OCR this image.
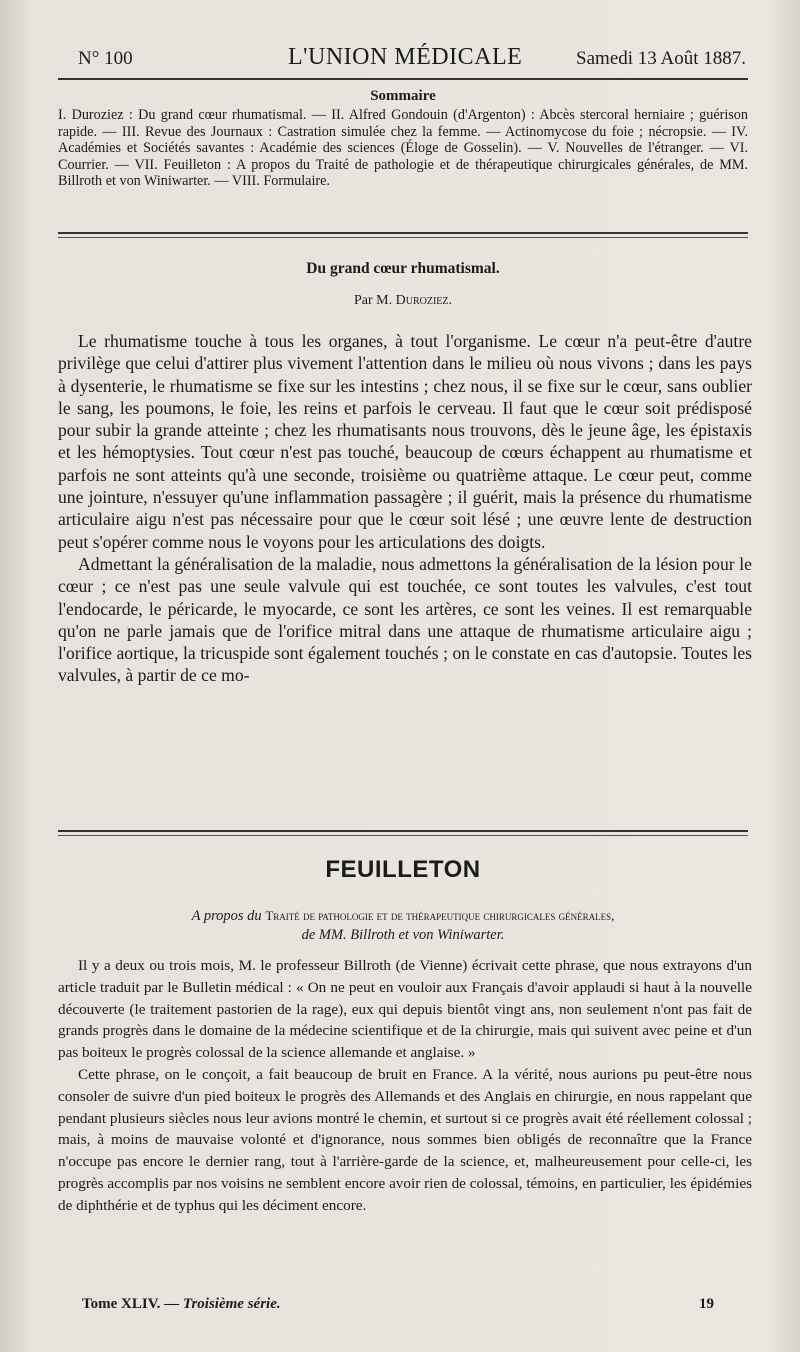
N° 100	L'UNION MÉDICALE	Samedi 13 Août 1887.
Sommaire

I. Duroziez : Du grand cœur rhumatismal. — II. Alfred Gondouin (d'Argenton) : Abcès stercoral herniaire ; guérison rapide. — III. Revue des Journaux : Castration simulée chez la femme. — Actinomycose du foie ; nécropsie. — IV. Académies et Sociétés savantes : Académie des sciences (Éloge de Gosselin). — V. Nouvelles de l'étranger. — VI. Courrier. — VII. Feuilleton : A propos du Traité de pathologie et de thérapeutique chirurgicales générales, de MM. Billroth et von Winiwarter. — VIII. Formulaire.

Du grand cœur rhumatismal.
Par M. Duroziez.

Le rhumatisme touche à tous les organes, à tout l'organisme. Le cœur n'a peut-être d'autre privilège que celui d'attirer plus vivement l'attention dans le milieu où nous vivons ; dans les pays à dysenterie, le rhumatisme se fixe sur les intestins ; chez nous, il se fixe sur le cœur, sans oublier le sang, les poumons, le foie, les reins et parfois le cerveau. Il faut que le cœur soit prédisposé pour subir la grande atteinte ; chez les rhumatisants nous trouvons, dès le jeune âge, les épistaxis et les hémoptysies. Tout cœur n'est pas touché, beaucoup de cœurs échappent au rhumatisme et parfois ne sont atteints qu'à une seconde, troisième ou quatrième attaque. Le cœur peut, comme une jointure, n'essuyer qu'une inflammation passagère ; il guérit, mais la présence du rhumatisme articulaire aigu n'est pas nécessaire pour que le cœur soit lésé ; une œuvre lente de destruction peut s'opérer comme nous le voyons pour les articulations des doigts.

Admettant la généralisation de la maladie, nous admettons la généralisation de la lésion pour le cœur ; ce n'est pas une seule valvule qui est touchée, ce sont toutes les valvules, c'est tout l'endocarde, le péricarde, le myocarde, ce sont les artères, ce sont les veines. Il est remarquable qu'on ne parle jamais que de l'orifice mitral dans une attaque de rhumatisme articulaire aigu ; l'orifice aortique, la tricuspide sont également touchés ; on le constate en cas d'autopsie. Toutes les valvules, à partir de ce mo-

FEUILLETON
A propos du Traité de pathologie et de thérapeutique chirurgicales générales,
de MM. Billroth et von Winiwarter.

Il y a deux ou trois mois, M. le professeur Billroth (de Vienne) écrivait cette phrase, que nous extrayons d'un article traduit par le Bulletin médical : « On ne peut en vouloir aux Français d'avoir applaudi si haut à la nouvelle découverte (le traitement pastorien de la rage), eux qui depuis bientôt vingt ans, non seulement n'ont pas fait de grands progrès dans le domaine de la médecine scientifique et de la chirurgie, mais qui suivent avec peine et d'un pas boiteux le progrès colossal de la science allemande et anglaise. »

Cette phrase, on le conçoit, a fait beaucoup de bruit en France. A la vérité, nous aurions pu peut-être nous consoler de suivre d'un pied boiteux le progrès des Allemands et des Anglais en chirurgie, en nous rappelant que pendant plusieurs siècles nous leur avions montré le chemin, et surtout si ce progrès avait été réellement colossal ; mais, à moins de mauvaise volonté et d'ignorance, nous sommes bien obligés de reconnaître que la France n'occupe pas encore le dernier rang, tout à l'arrière-garde de la science, et, malheureusement pour celle-ci, les progrès accomplis par nos voisins ne semblent encore avoir rien de colossal, témoins, en particulier, les épidémies de diphthérie et de typhus qui les déciment encore.

Tome XLIV. — Troisième série.	19
